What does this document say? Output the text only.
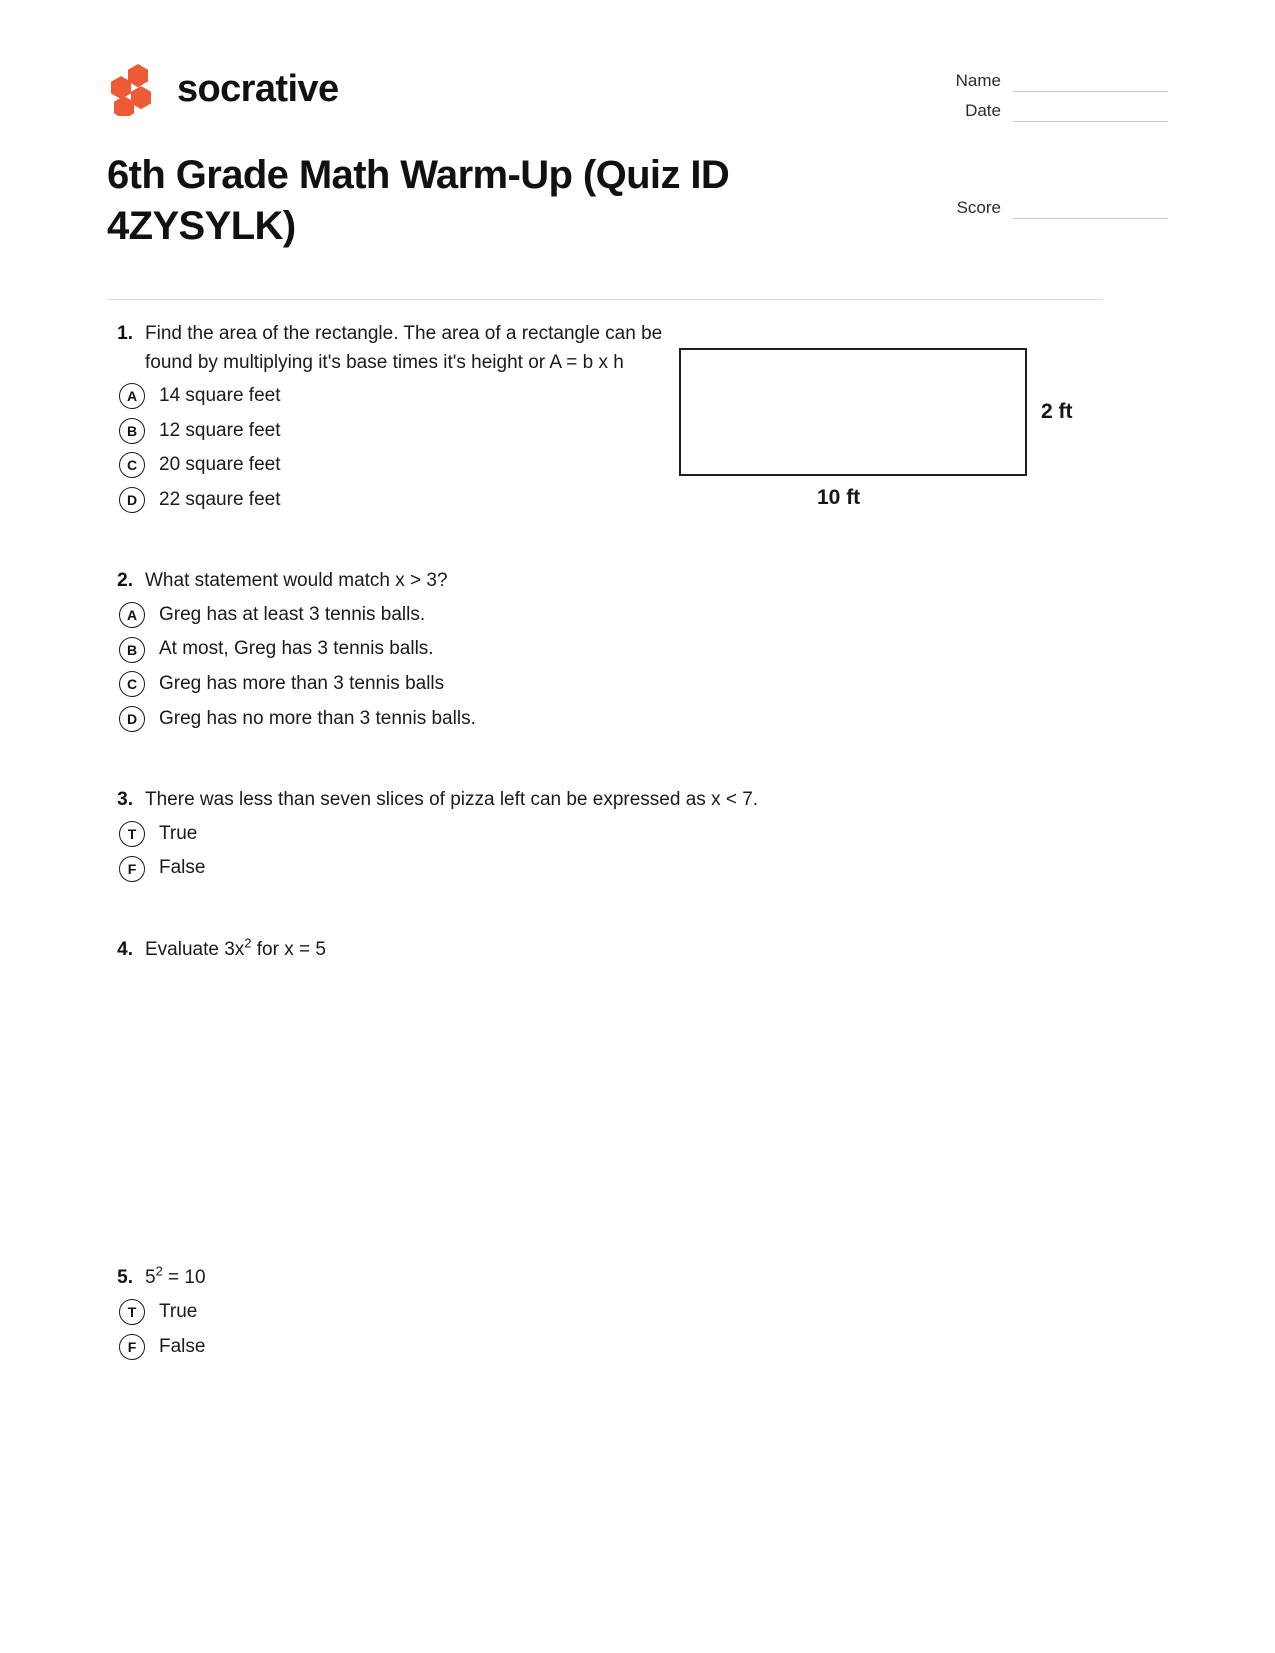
socrative
6th Grade Math Warm-Up (Quiz ID 4ZYSYLK)
Name
Date
Score
1. Find the area of the rectangle. The area of a rectangle can be found by multiplying it's base times it's height or A = b x h
A	14 square feet
B	12 square feet
C	20 square feet
D	22 sqaure feet
2 ft
10 ft
2. What statement would match x > 3?
A	Greg has at least 3 tennis balls.
B	At most, Greg has 3 tennis balls.
C	Greg has more than 3 tennis balls
D	Greg has no more than 3 tennis balls.
3. There was less than seven slices of pizza left can be expressed as x < 7.
T	True
F	False
4. Evaluate $3x^2$ for x = 5
5. $5^2 = 10$
T	True
F	False
